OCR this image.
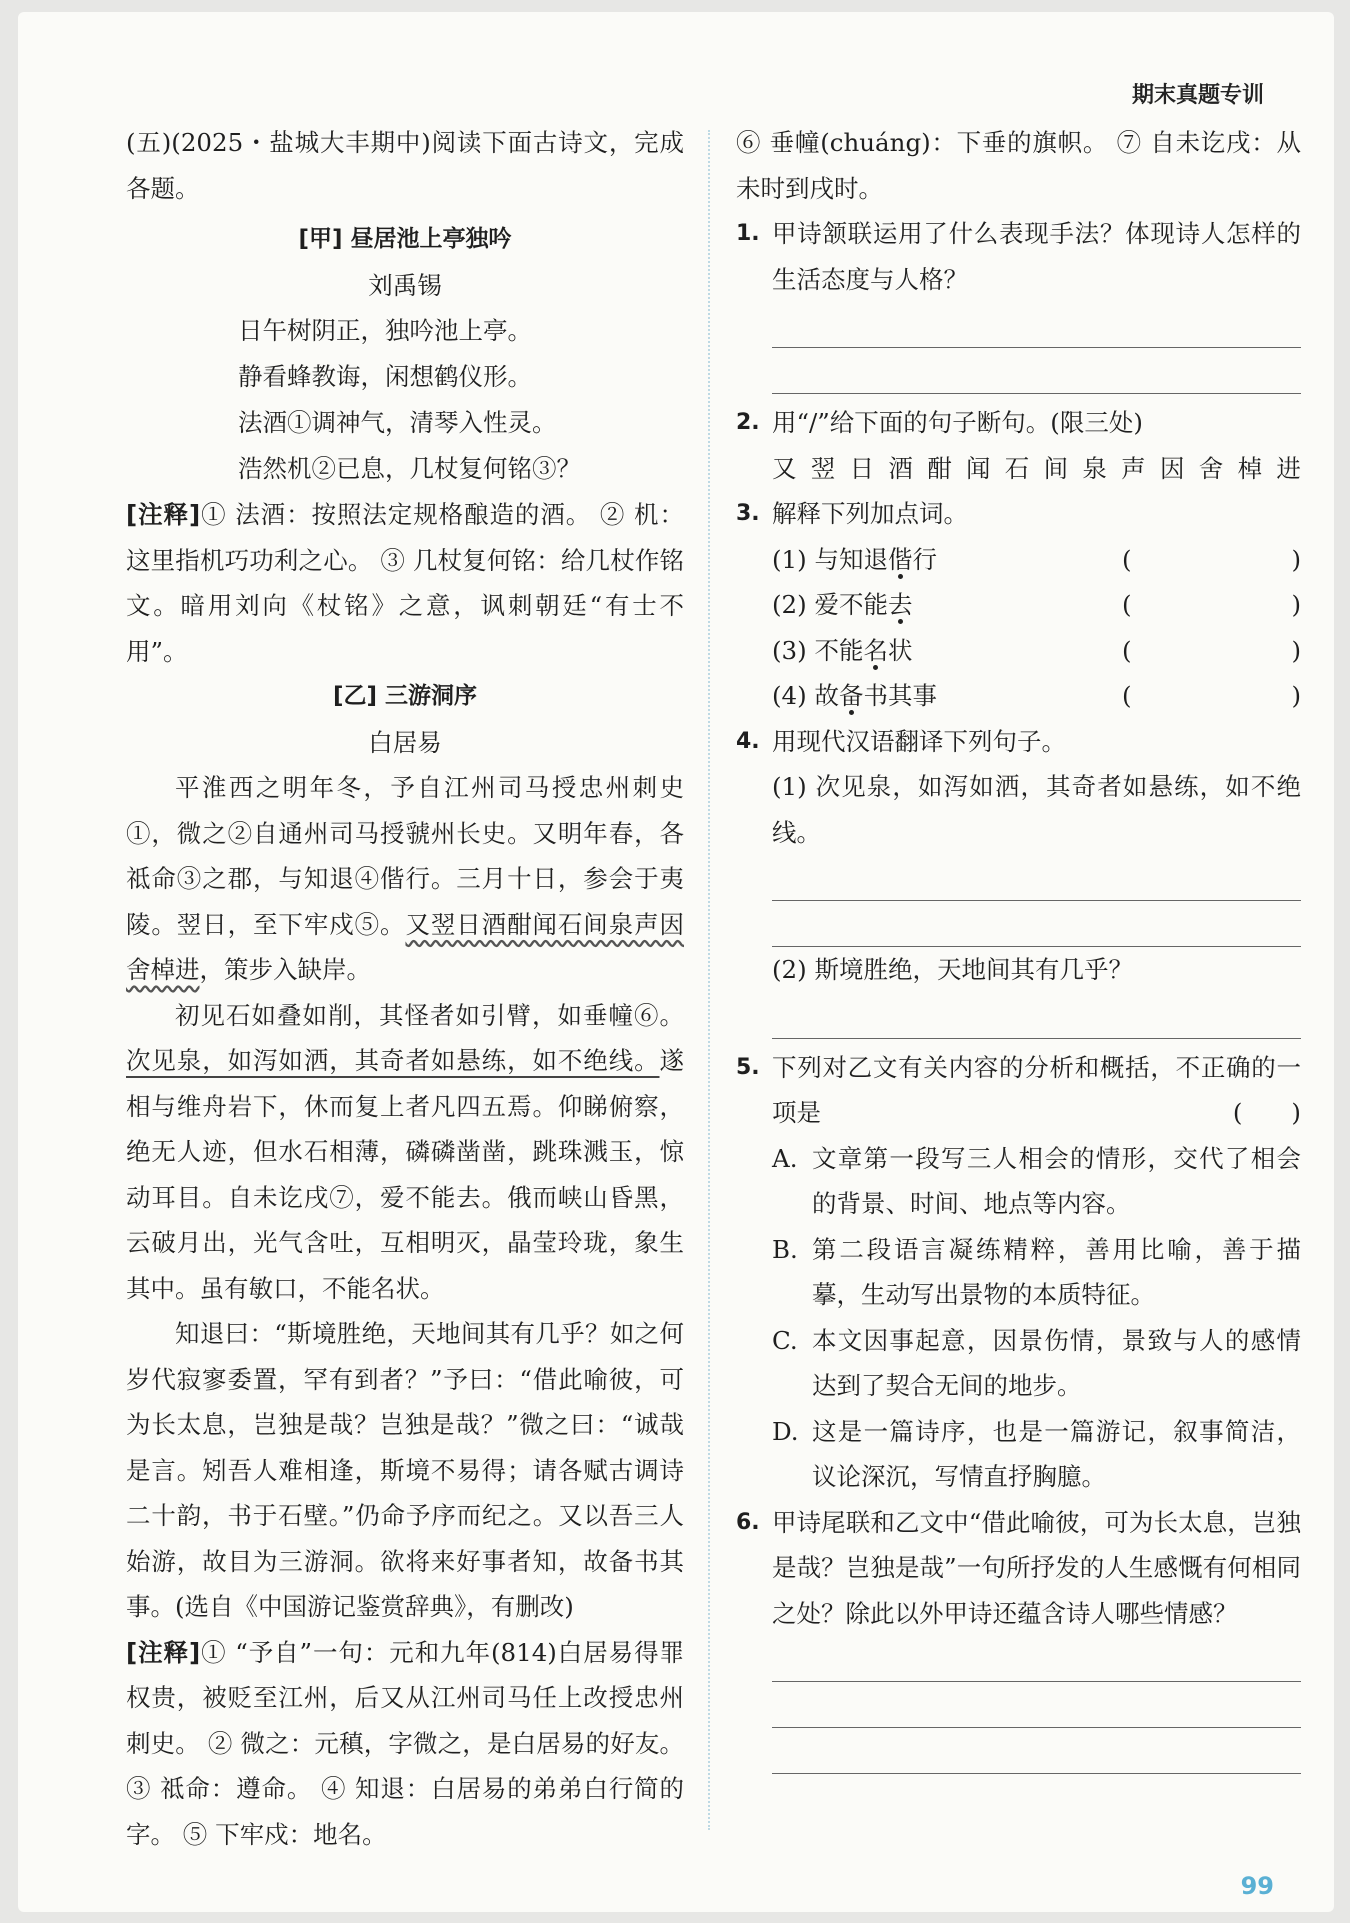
期末真题专训
(五)(2025・盐城大丰期中)阅读下面古诗文，完成各题。
[甲] 昼居池上亭独吟
刘禹锡
日午树阴正，独吟池上亭。
静看蜂教诲，闲想鹤仪形。
法酒①调神气，清琴入性灵。
浩然机②已息，几杖复何铭③？
[注释]① 法酒：按照法定规格酿造的酒。 ② 机：这里指机巧功利之心。 ③ 几杖复何铭：给几杖作铭文。暗用刘向《杖铭》之意，讽刺朝廷“有士不用”。
[乙] 三游洞序
白居易
平淮西之明年冬，予自江州司马授忠州刺史①，微之②自通州司马授虢州长史。又明年春，各祗命③之郡，与知退④偕行。三月十日，参会于夷陵。翌日，至下牢戍⑤。又翌日酒酣闻石间泉声因舍棹进，策步入缺岸。
初见石如叠如削，其怪者如引臂，如垂幢⑥。次见泉，如泻如洒，其奇者如悬练，如不绝线。遂相与维舟岩下，休而复上者凡四五焉。仰睇俯察，绝无人迹，但水石相薄，磷磷凿凿，跳珠溅玉，惊动耳目。自未讫戌⑦，爱不能去。俄而峡山昏黑，云破月出，光气含吐，互相明灭，晶莹玲珑，象生其中。虽有敏口，不能名状。
知退曰：“斯境胜绝，天地间其有几乎？如之何岁代寂寥委置，罕有到者？”予曰：“借此喻彼，可为长太息，岂独是哉？岂独是哉？”微之曰：“诚哉是言。矧吾人难相逢，斯境不易得；请各赋古调诗二十韵，书于石壁。”仍命予序而纪之。又以吾三人始游，故目为三游洞。欲将来好事者知，故备书其事。(选自《中国游记鉴赏辞典》，有删改)
[注释]① “予自”一句：元和九年(814)白居易得罪权贵，被贬至江州，后又从江州司马任上改授忠州刺史。 ② 微之：元稹，字微之，是白居易的好友。 ③ 祗命：遵命。 ④ 知退：白居易的弟弟白行简的字。 ⑤ 下牢戍：地名。
⑥ 垂幢(chuáng)：下垂的旗帜。 ⑦ 自未讫戌：从未时到戌时。
1. 甲诗颔联运用了什么表现手法？体现诗人怎样的生活态度与人格？
2. 用“/”给下面的句子断句。(限三处)
又 翌 日 酒 酣 闻 石 间 泉 声 因 舍 棹 进
3. 解释下列加点词。
(1) 与知退偕行	(	)
(2) 爱不能去	(	)
(3) 不能名状	(	)
(4) 故备书其事	(	)
4. 用现代汉语翻译下列句子。
(1) 次见泉，如泻如洒，其奇者如悬练，如不绝线。
(2) 斯境胜绝，天地间其有几乎？
5. 下列对乙文有关内容的分析和概括，不正确的一项是	(　　)
A. 文章第一段写三人相会的情形，交代了相会的背景、时间、地点等内容。
B. 第二段语言凝练精粹，善用比喻，善于描摹，生动写出景物的本质特征。
C. 本文因事起意，因景伤情，景致与人的感情达到了契合无间的地步。
D. 这是一篇诗序，也是一篇游记，叙事简洁，议论深沉，写情直抒胸臆。
6. 甲诗尾联和乙文中“借此喻彼，可为长太息，岂独是哉？岂独是哉”一句所抒发的人生感慨有何相同之处？除此以外甲诗还蕴含诗人哪些情感？
99
